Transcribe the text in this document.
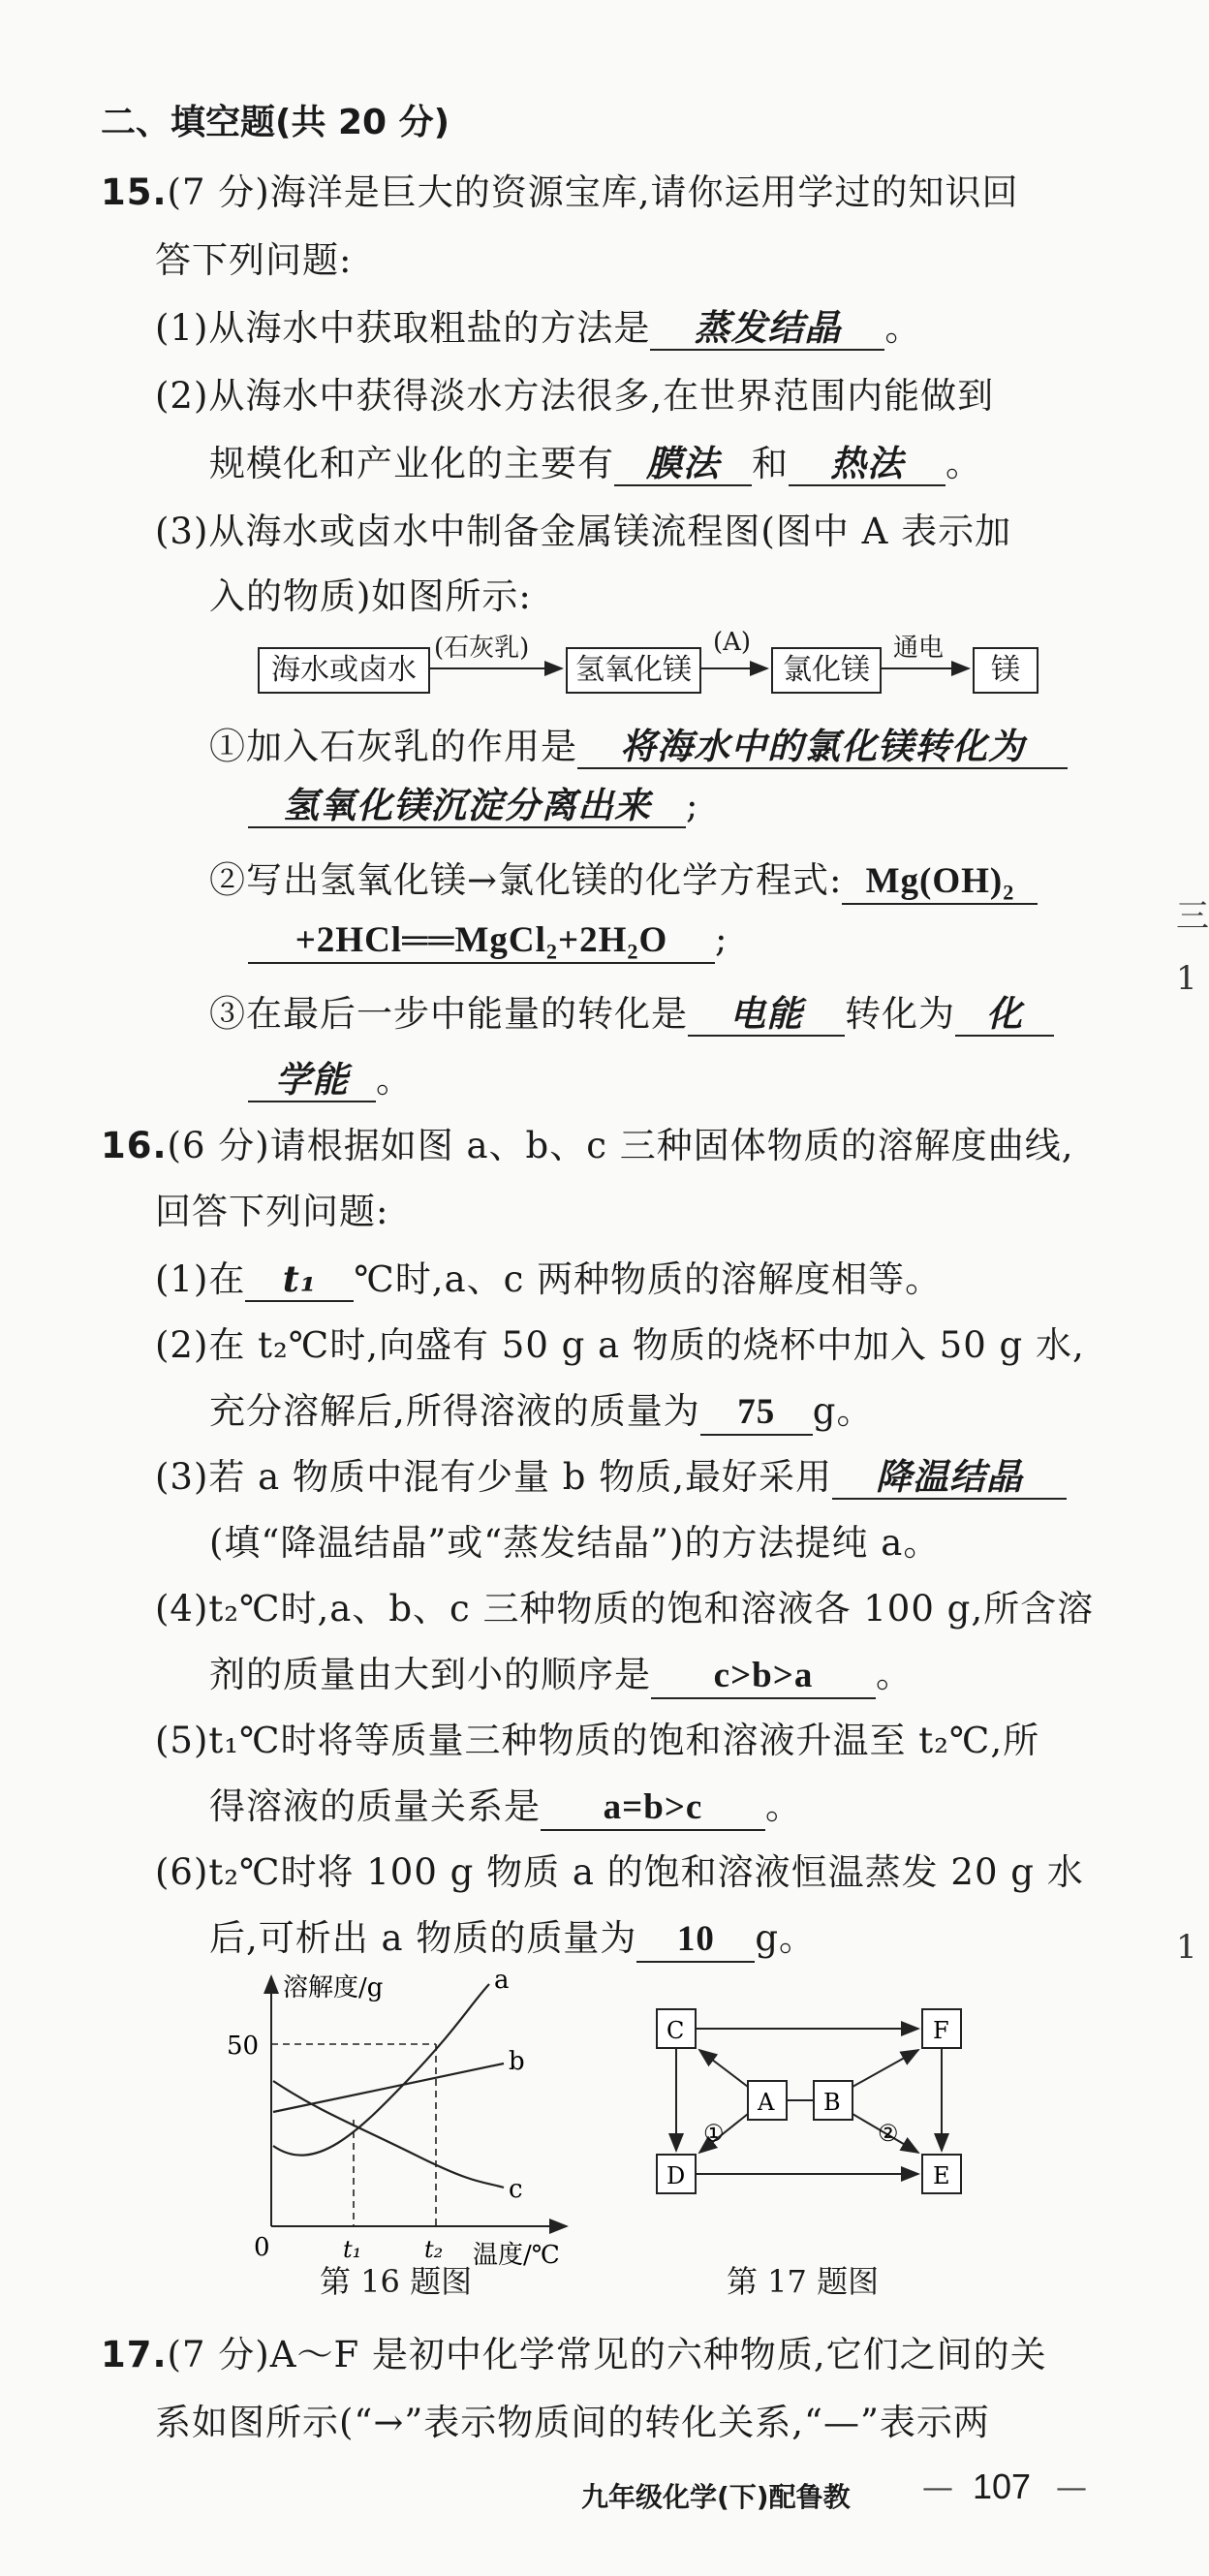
二、填空题(共 20 分)
15.(7 分)海洋是巨大的资源宝库,请你运用学过的知识回
答下列问题:
(1)从海水中获取粗盐的方法是 蒸发结晶 。
(2)从海水中获得淡水方法很多,在世界范围内能做到
规模化和产业化的主要有 膜法 和 热法 。
(3)从海水或卤水中制备金属镁流程图(图中 A 表示加
入的物质)如图所示:
海水或卤水	氢氧化镁	氯化镁	镁
(石灰乳)	(A)	通电
①加入石灰乳的作用是 将海水中的氯化镁转化为
氢氧化镁沉淀分离出来 ;
②写出氢氧化镁→氯化镁的化学方程式: Mg(OH)₂
+2HCl══MgCl₂+2H₂O ;
③在最后一步中能量的转化是 电能 转化为 化
学能 。
16.(6 分)请根据如图 a、b、c 三种固体物质的溶解度曲线,
回答下列问题:
(1)在 t₁ ℃时,a、c 两种物质的溶解度相等。
(2)在 t₂℃时,向盛有 50 g a 物质的烧杯中加入 50 g 水,
充分溶解后,所得溶液的质量为 75 g。
(3)若 a 物质中混有少量 b 物质,最好采用 降温结晶
(填“降温结晶”或“蒸发结晶”)的方法提纯 a。
(4)t₂℃时,a、b、c 三种物质的饱和溶液各 100 g,所含溶
剂的质量由大到小的顺序是 c>b>a 。
(5)t₁℃时将等质量三种物质的饱和溶液升温至 t₂℃,所
得溶液的质量关系是 a=b>c 。
(6)t₂℃时将 100 g 物质 a 的饱和溶液恒温蒸发 20 g 水
后,可析出 a 物质的质量为 10 g。
溶解度/g
50
0	t₁	t₂ 温度/℃
a
b
c
第 16 题图
C	F
A B
D	E
①	②
第 17 题图
17.(7 分)A～F 是初中化学常见的六种物质,它们之间的关
系如图所示(“→”表示物质间的转化关系,“—”表示两
九年级化学(下)配鲁教 — 107 —
三
1
1
